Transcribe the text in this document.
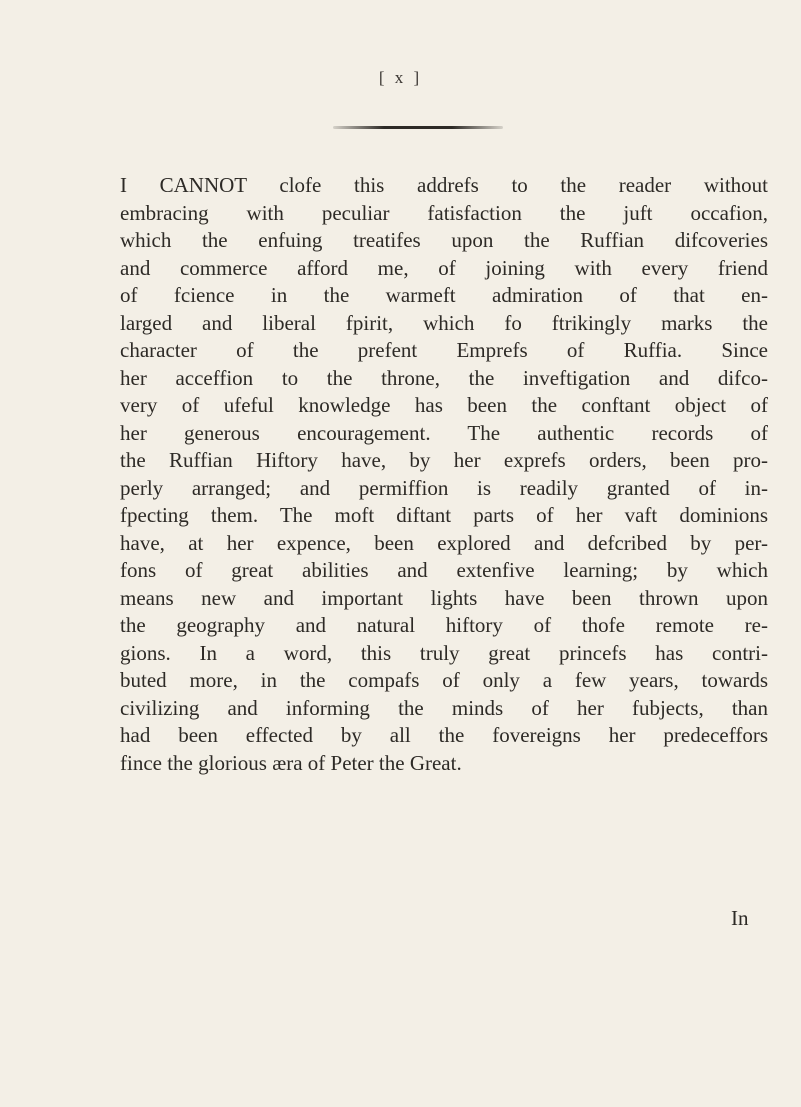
[ x ]
I CANNOT clofe this addrefs to the reader without
embracing with peculiar fatisfaction the juft occafion,
which the enfuing treatifes upon the Ruffian difcoveries
and commerce afford me, of joining with every friend
of fcience in the warmeft admiration of that en-
larged and liberal fpirit, which fo ftrikingly marks the
character of the prefent Emprefs of Ruffia. Since
her acceffion to the throne, the inveftigation and difco-
very of ufeful knowledge has been the conftant object of
her generous encouragement. The authentic records of
the Ruffian Hiftory have, by her exprefs orders, been pro-
perly arranged; and permiffion is readily granted of in-
fpecting them. The moft diftant parts of her vaft dominions
have, at her expence, been explored and defcribed by per-
fons of great abilities and extenfive learning; by which
means new and important lights have been thrown upon
the geography and natural hiftory of thofe remote re-
gions. In a word, this truly great princefs has contri-
buted more, in the compafs of only a few years, towards
civilizing and informing the minds of her fubjects, than
had been effected by all the fovereigns her predeceffors
fince the glorious æra of Peter the Great.
In
